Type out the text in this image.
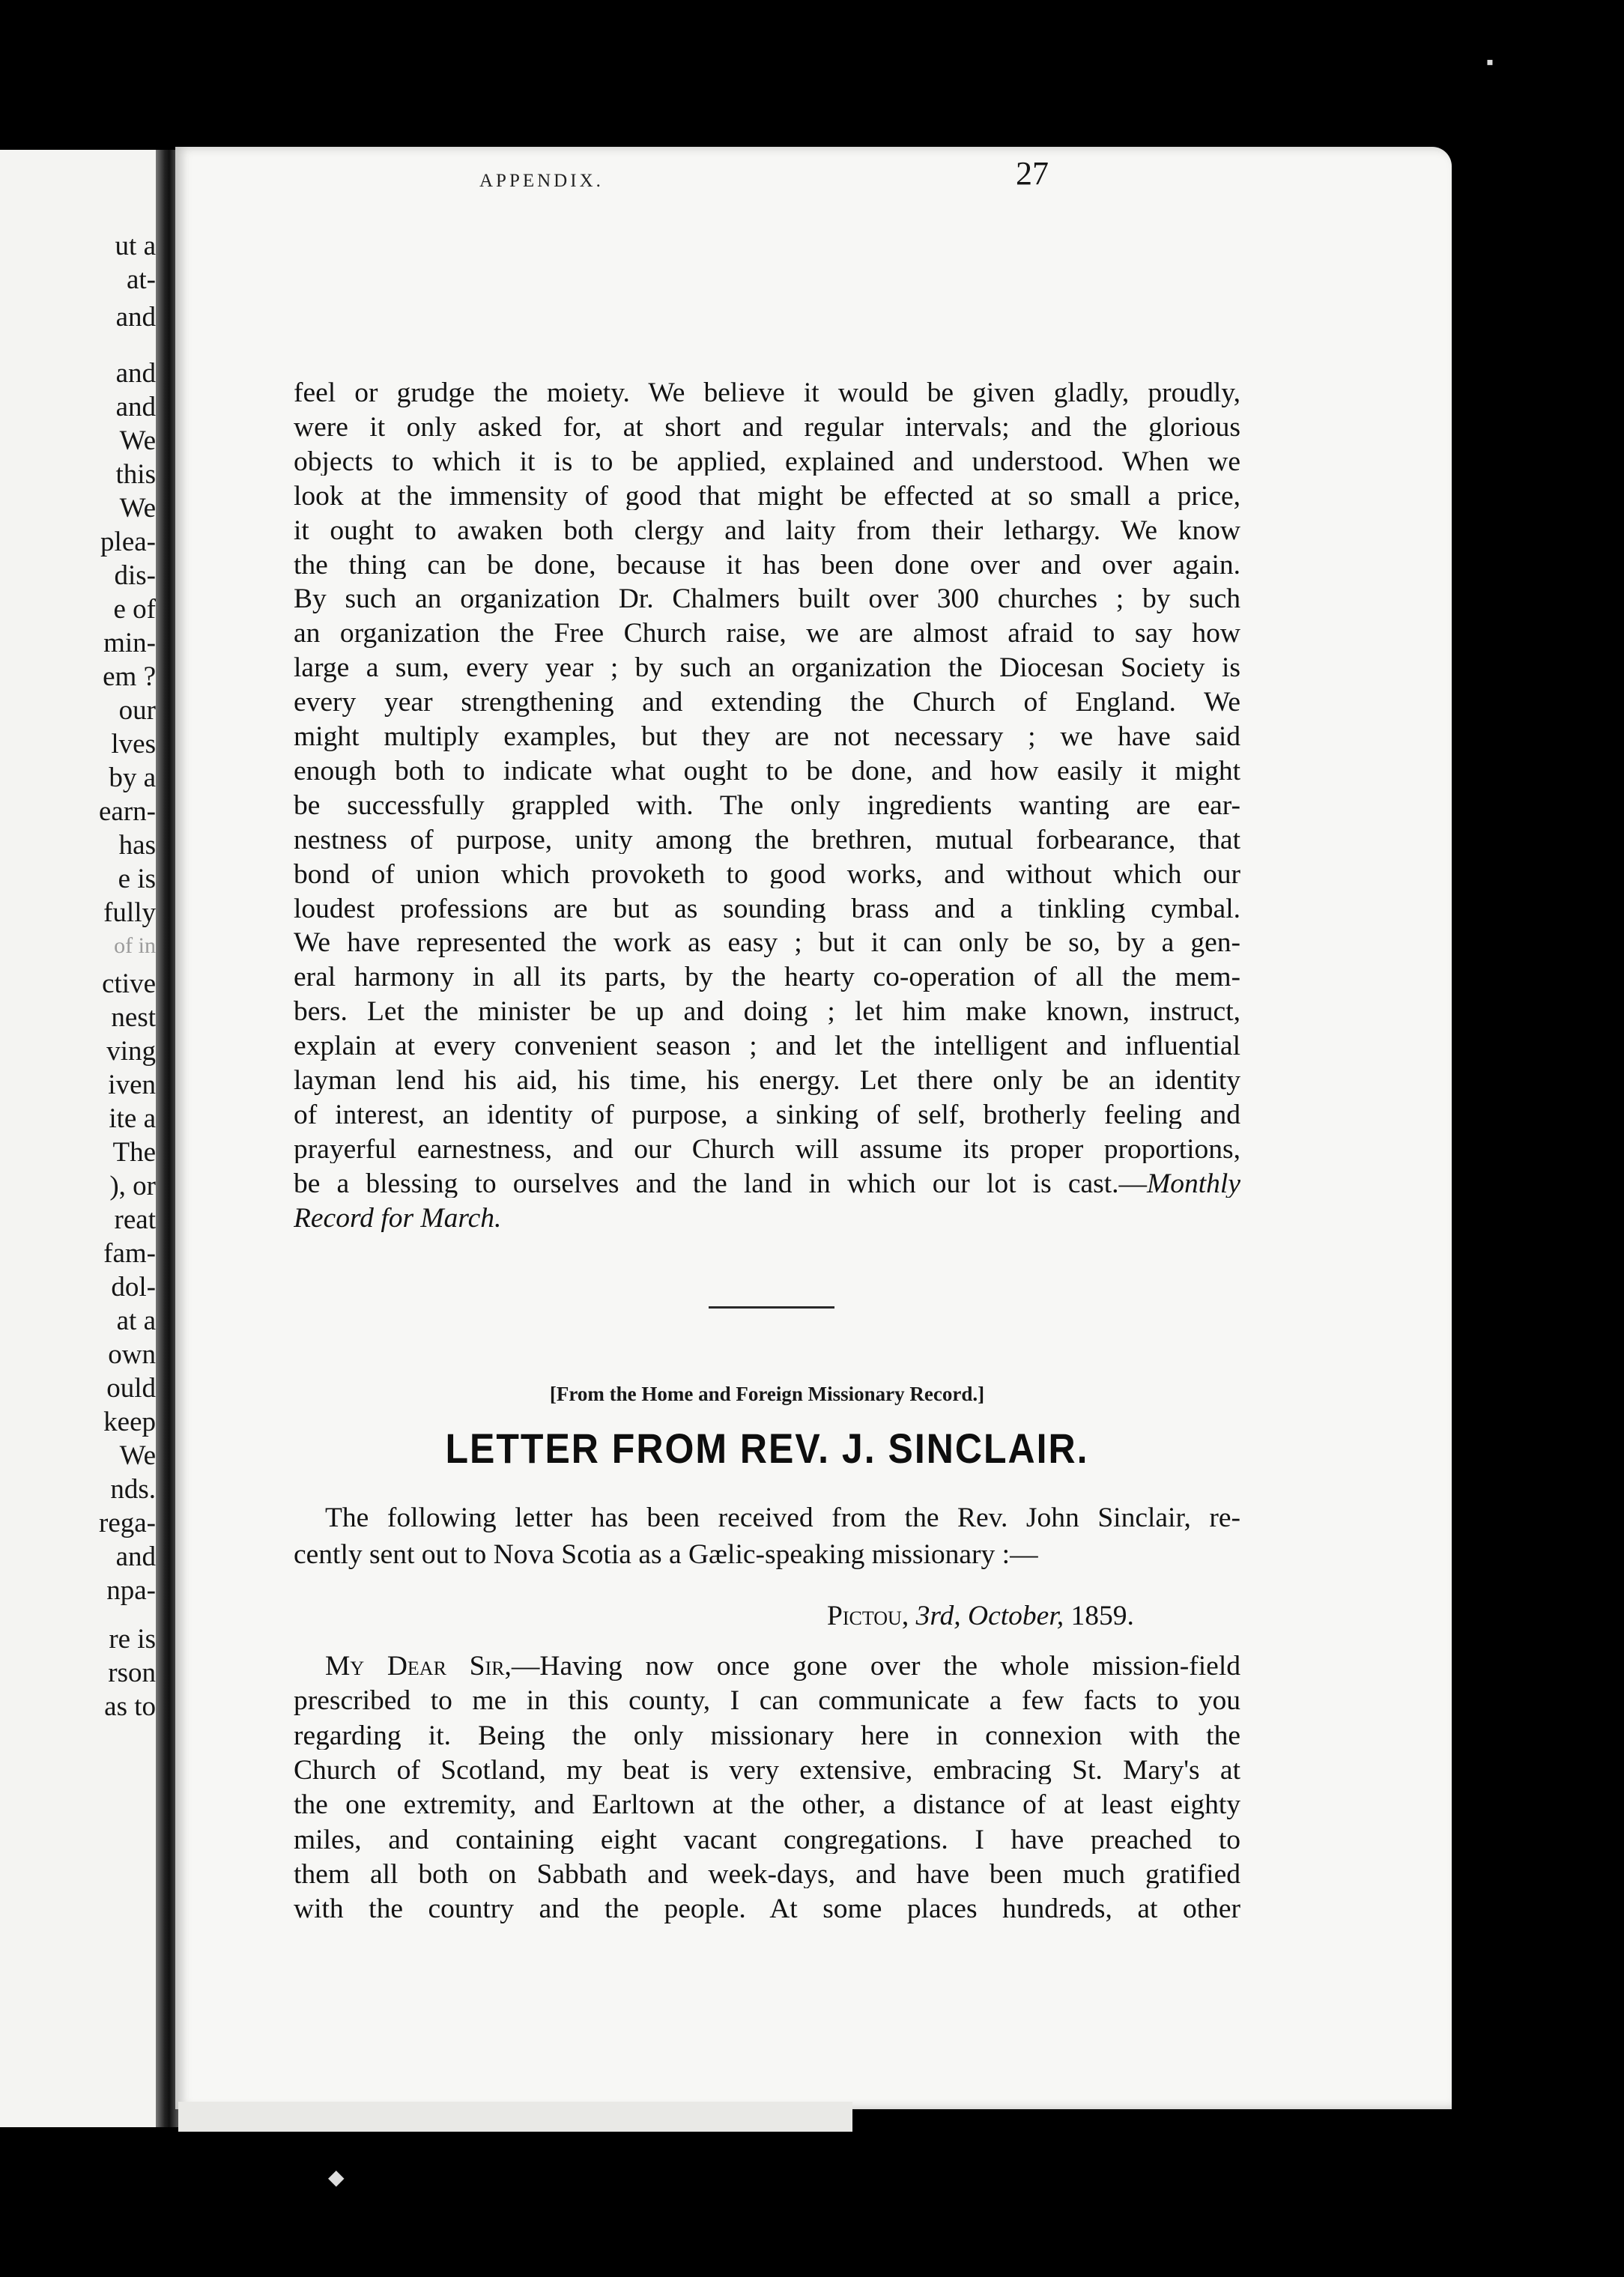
ut a
at-
and
and
and
We
this
We
plea-
dis-
e of
min-
em ?
our
lves
by a
earn-
has
e is
fully
of in
ctive
nest
ving
iven
ite a
The
), or
reat
fam-
dol-
at a
own
ould
keep
We
nds.
rega-
and
npa-
re is
rson
as to
APPENDIX.	27
feel or grudge the moiety. We believe it would be given gladly, proudly,
were it only asked for, at short and regular intervals; and the glorious
objects to which it is to be applied, explained and understood. When we
look at the immensity of good that might be effected at so small a price,
it ought to awaken both clergy and laity from their lethargy. We know
the thing can be done, because it has been done over and over again.
By such an organization Dr. Chalmers built over 300 churches ; by such
an organization the Free Church raise, we are almost afraid to say how
large a sum, every year ; by such an organization the Diocesan Society is
every year strengthening and extending the Church of England. We
might multiply examples, but they are not necessary ; we have said
enough both to indicate what ought to be done, and how easily it might
be successfully grappled with. The only ingredients wanting are ear-
nestness of purpose, unity among the brethren, mutual forbearance, that
bond of union which provoketh to good works, and without which our
loudest professions are but as sounding brass and a tinkling cymbal.
We have represented the work as easy ; but it can only be so, by a gen-
eral harmony in all its parts, by the hearty co-operation of all the mem-
bers. Let the minister be up and doing ; let him make known, instruct,
explain at every convenient season ; and let the intelligent and influential
layman lend his aid, his time, his energy. Let there only be an identity
of interest, an identity of purpose, a sinking of self, brotherly feeling and
prayerful earnestness, and our Church will assume its proper proportions,
be a blessing to ourselves and the land in which our lot is cast.—Monthly
Record for March.
[From the Home and Foreign Missionary Record.]
LETTER FROM REV. J. SINCLAIR.
The following letter has been received from the Rev. John Sinclair, re-
cently sent out to Nova Scotia as a Gælic-speaking missionary :—
Pictou, 3rd, October, 1859.
My Dear Sir,—Having now once gone over the whole mission-field
prescribed to me in this county, I can communicate a few facts to you
regarding it. Being the only missionary here in connexion with the
Church of Scotland, my beat is very extensive, embracing St. Mary's at
the one extremity, and Earltown at the other, a distance of at least eighty
miles, and containing eight vacant congregations. I have preached to
them all both on Sabbath and week-days, and have been much gratified
with the country and the people. At some places hundreds, at other
▪
◆
